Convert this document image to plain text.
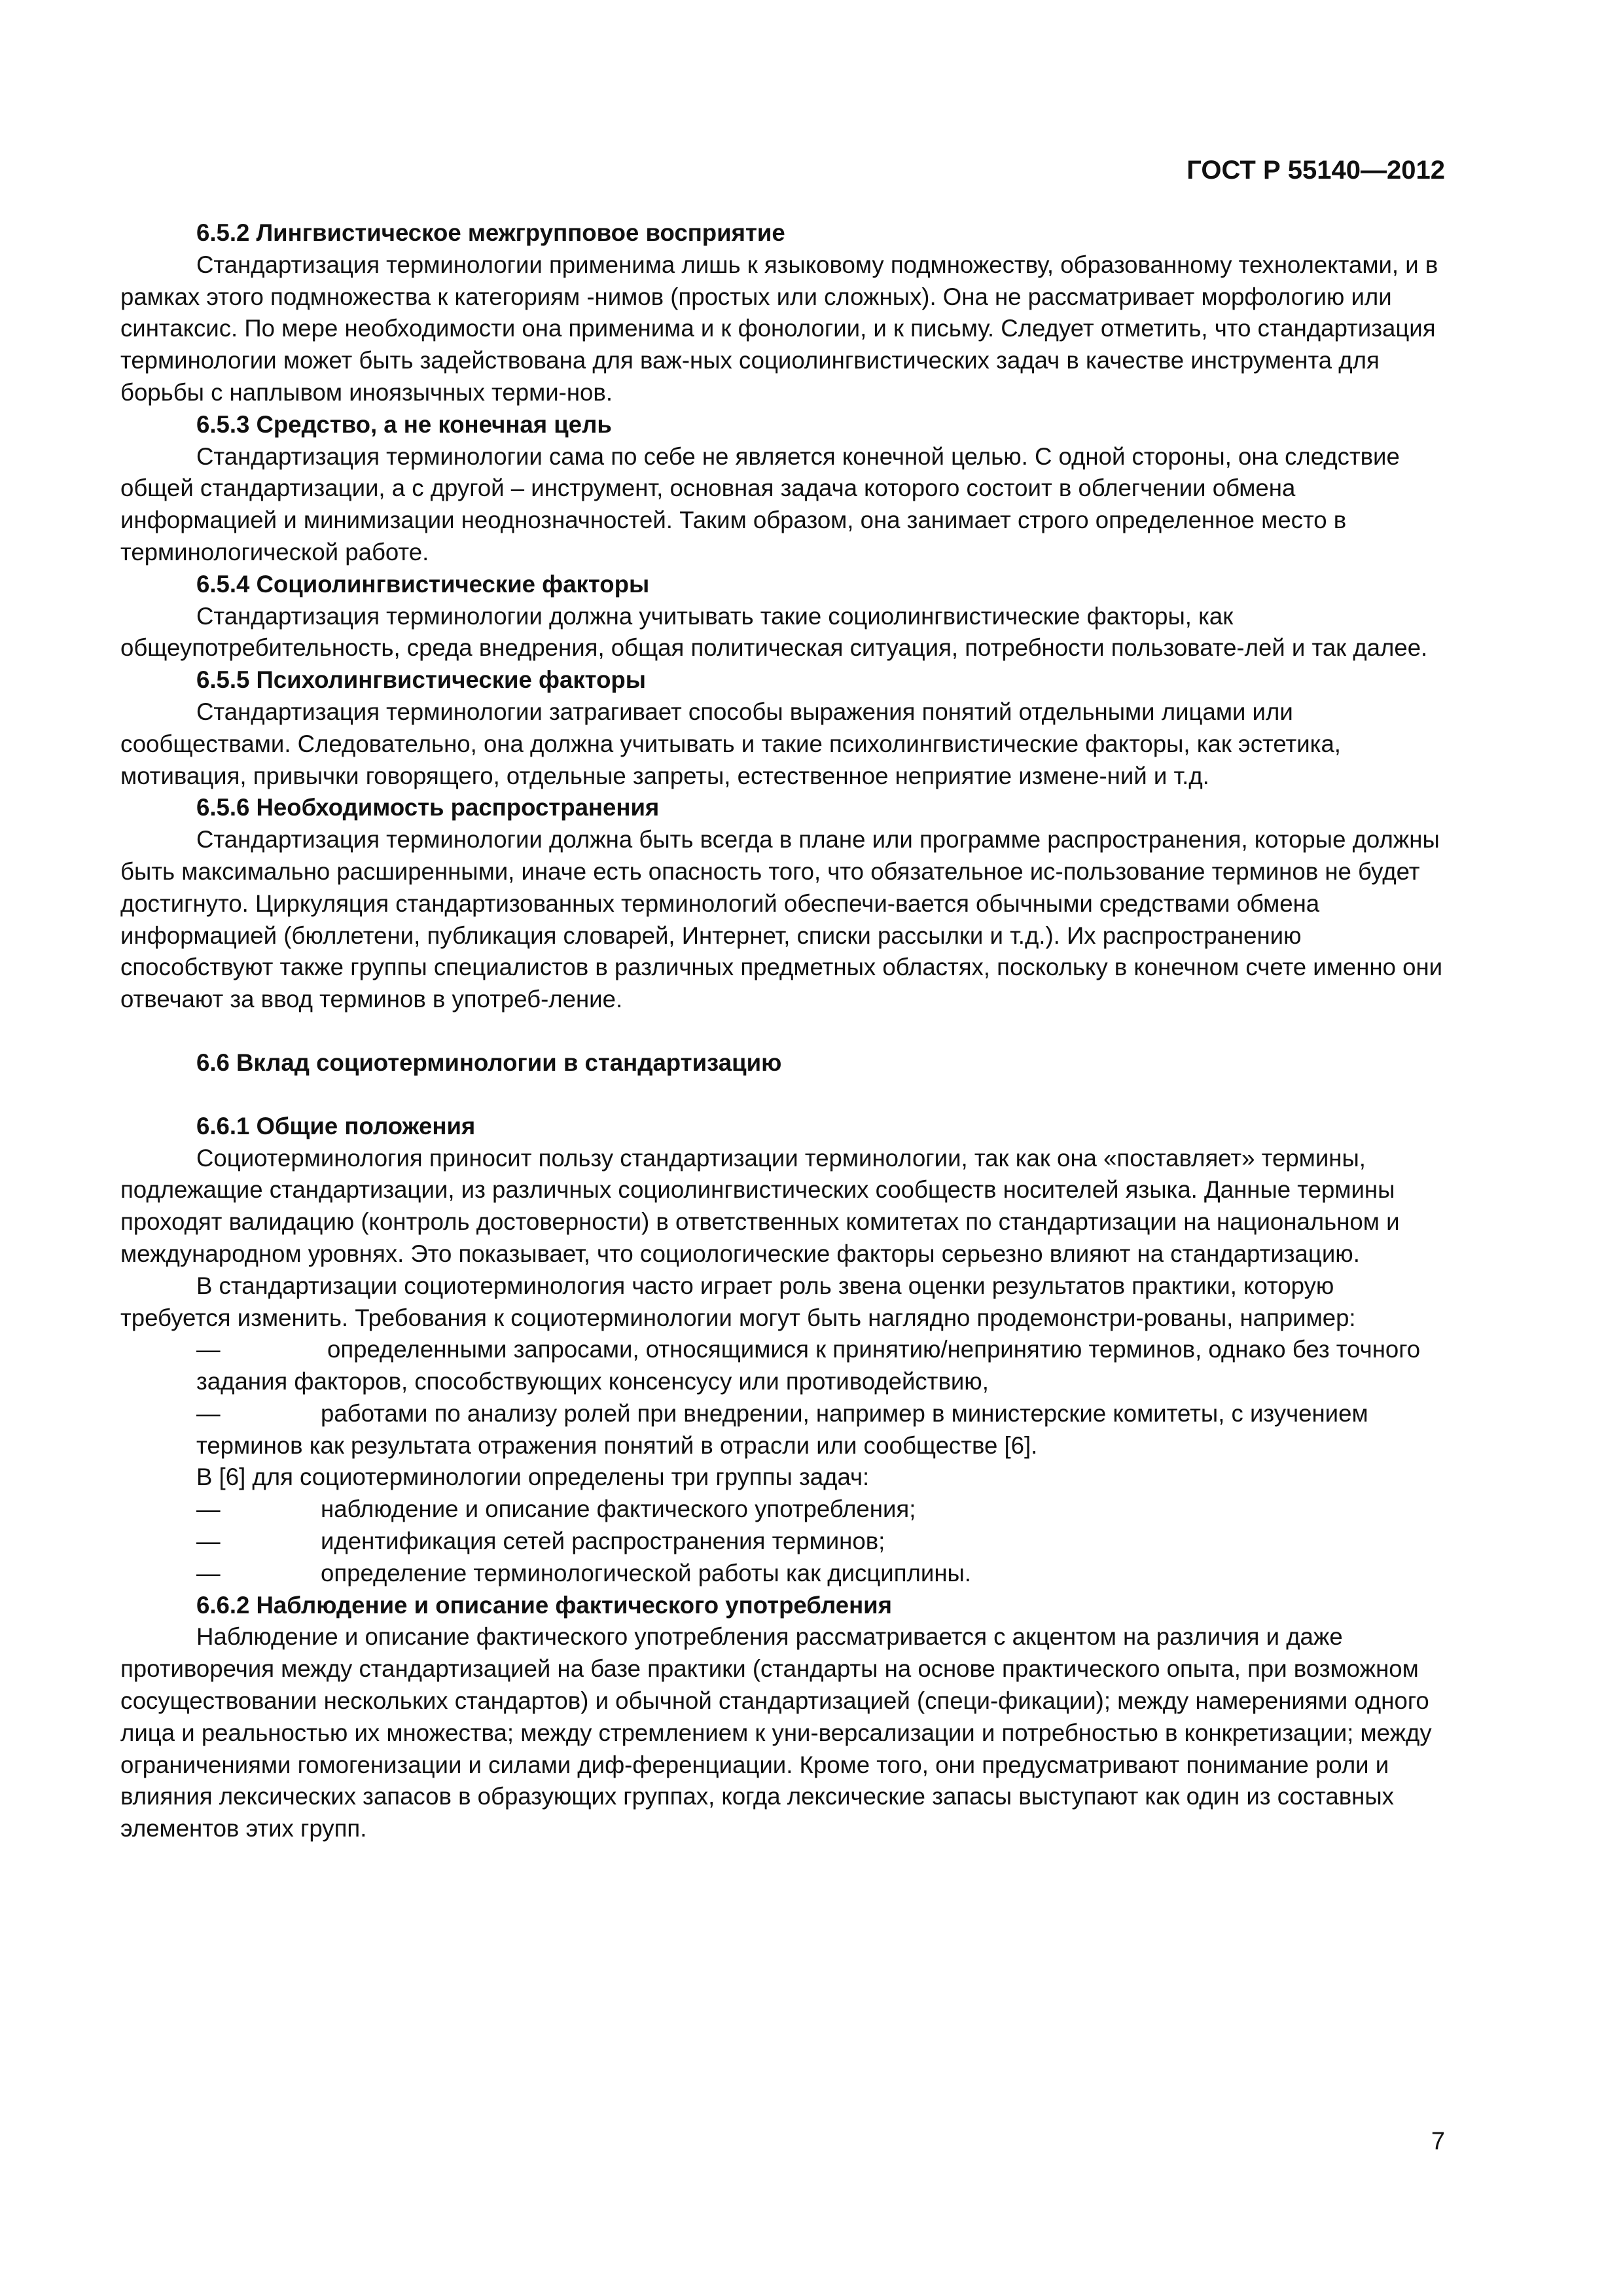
ГОСТ Р 55140—2012

6.5.2 Лингвистическое межгрупповое восприятие

Стандартизация терминологии применима лишь к языковому подмножеству, образованному технолектами, и в рамках этого подмножества к категориям -нимов (простых или сложных). Она не рассматривает морфологию или синтаксис. По мере необходимости она применима и к фонологии, и к письму. Следует отметить, что стандартизация терминологии может быть задействована для важ-ных социолингвистических задач в качестве инструмента для борьбы с наплывом иноязычных терми-нов.

6.5.3 Средство, а не конечная цель

Стандартизация терминологии сама по себе не является конечной целью. С одной стороны, она следствие общей стандартизации, а с другой – инструмент, основная задача которого состоит в облегчении обмена информацией и минимизации неоднозначностей. Таким образом, она занимает строго определенное место в терминологической работе.

6.5.4 Социолингвистические факторы

Стандартизация терминологии должна учитывать такие социолингвистические факторы, как общеупотребительность, среда внедрения, общая политическая ситуация, потребности пользовате-лей и так далее.

6.5.5 Психолингвистические факторы

Стандартизация терминологии затрагивает способы выражения понятий отдельными лицами или сообществами. Следовательно, она должна учитывать и такие психолингвистические факторы, как эстетика, мотивация, привычки говорящего, отдельные запреты, естественное неприятие измене-ний и т.д.

6.5.6 Необходимость распространения

Стандартизация терминологии должна быть всегда в плане или программе распространения, которые должны быть максимально расширенными, иначе есть опасность того, что обязательное ис-пользование терминов не будет достигнуто. Циркуляция стандартизованных терминологий обеспечи-вается обычными средствами обмена информацией (бюллетени, публикация словарей, Интернет, списки рассылки и т.д.). Их распространению способствуют также группы специалистов в различных предметных областях, поскольку в конечном счете именно они отвечают за ввод терминов в употреб-ление.

6.6 Вклад социотерминологии в стандартизацию

6.6.1 Общие положения

Социотерминология приносит пользу стандартизации терминологии, так как она «поставляет» термины, подлежащие стандартизации, из различных социолингвистических сообществ носителей языка. Данные термины проходят валидацию (контроль достоверности) в ответственных комитетах по стандартизации на национальном и международном уровнях. Это показывает, что социологические факторы серьезно влияют на стандартизацию.

В стандартизации социотерминология часто играет роль звена оценки результатов практики, которую требуется изменить. Требования к социотерминологии могут быть наглядно продемонстри-рованы, например:

—	определенными запросами, относящимися к принятию/непринятию терминов, однако без точного задания факторов, способствующих консенсусу или противодействию,

—	работами по анализу ролей при внедрении, например в министерские комитеты, с изучением терминов как результата отражения понятий в отрасли или сообществе [6].

В [6] для социотерминологии определены три группы задач:

—	наблюдение и описание фактического употребления;

—	идентификация сетей распространения терминов;

—	определение терминологической работы как дисциплины.

6.6.2 Наблюдение и описание фактического употребления

Наблюдение и описание фактического употребления рассматривается с акцентом на различия и даже противоречия между стандартизацией на базе практики (стандарты на основе практического опыта, при возможном сосуществовании нескольких стандартов) и обычной стандартизацией (специ-фикации); между намерениями одного лица и реальностью их множества; между стремлением к уни-версализации и потребностью в конкретизации; между ограничениями гомогенизации и силами диф-ференциации. Кроме того, они предусматривают понимание роли и влияния лексических запасов в образующих группах, когда лексические запасы выступают как один из составных элементов этих групп.

7
